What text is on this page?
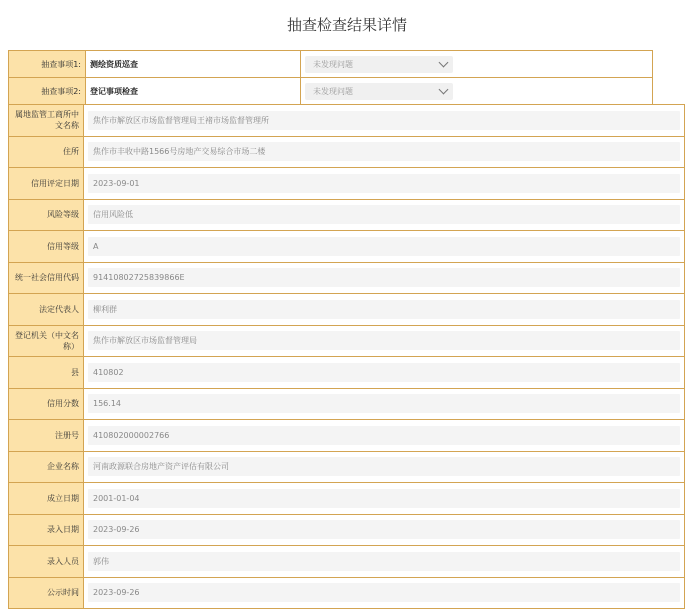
抽查检查结果详情
抽查事项1:	测绘资质巡查	未发现问题

抽查事项2:	登记事项检查	未发现问题
属地监管工商所中文名称	焦作市解放区市场监督管理局王褚市场监督管理所

住所	焦作市丰收中路1566号房地产交易综合市场二楼

信用评定日期	2023-09-01

风险等级	信用风险低

信用等级	A

统一社会信用代码	91410802725839866E

法定代表人	柳利群

登记机关（中文名称）	焦作市解放区市场监督管理局

县	410802

信用分数	156.14

注册号	410802000002766

企业名称	河南政源联合房地产资产评估有限公司

成立日期	2001-01-04

录入日期	2023-09-26

录入人员	郭伟

公示时间	2023-09-26
